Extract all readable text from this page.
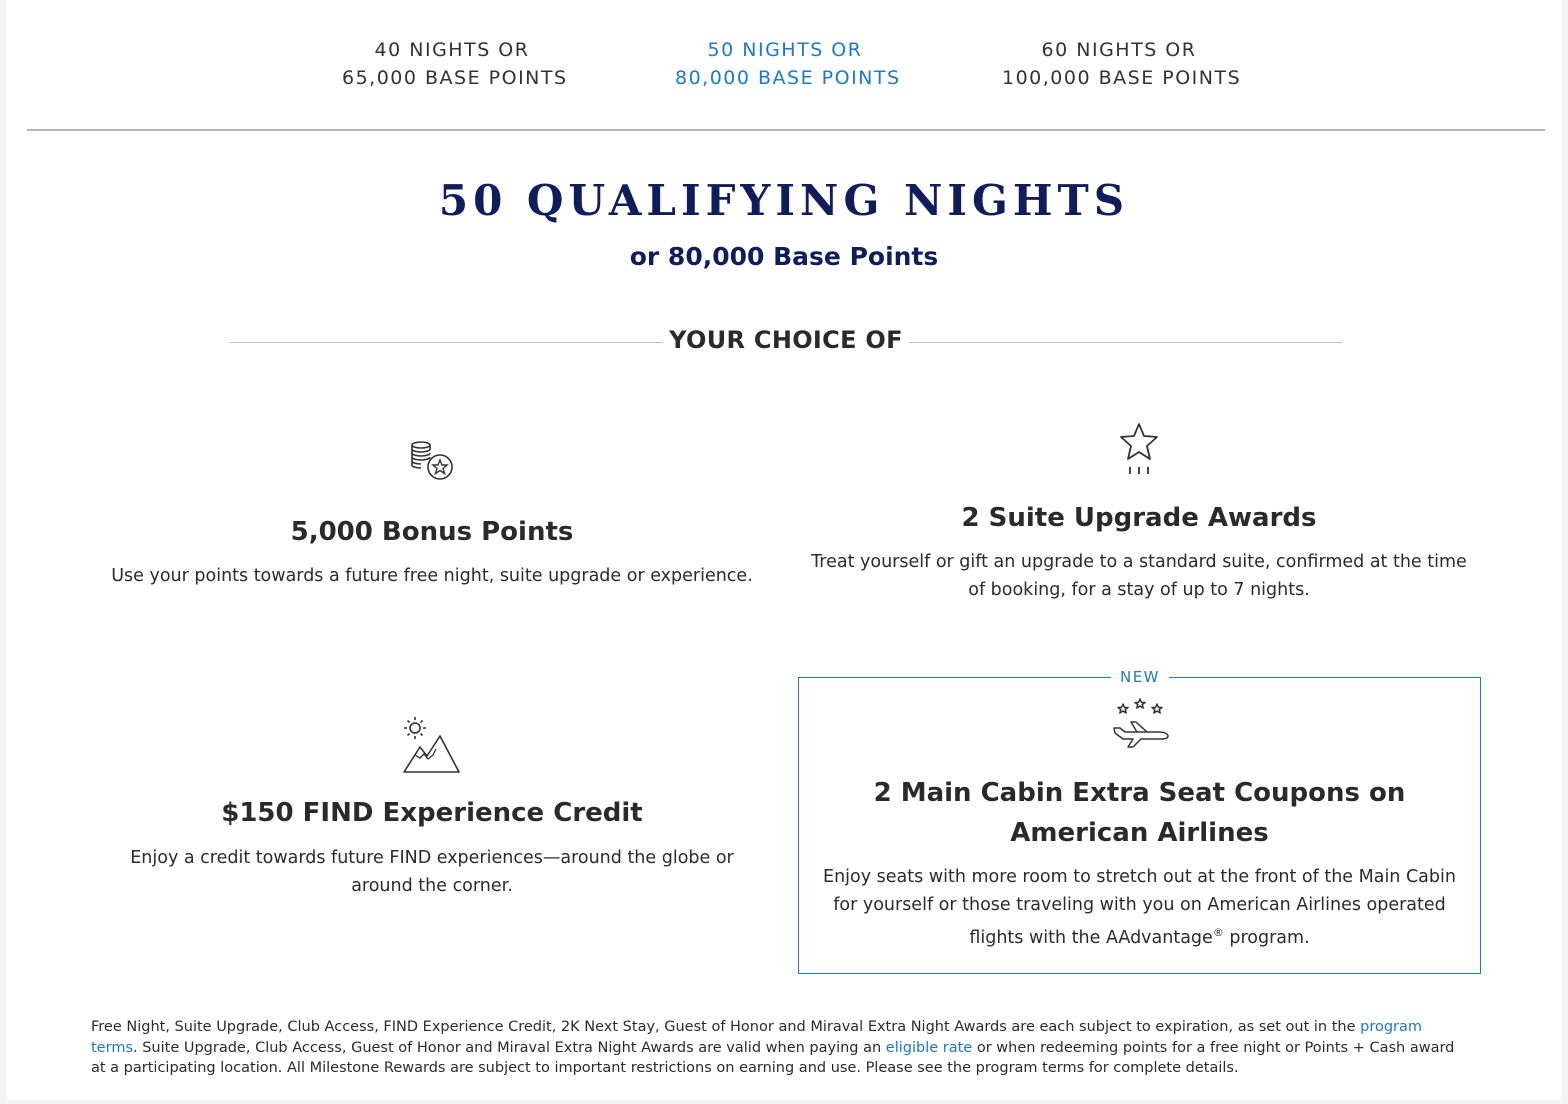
40 NIGHTS OR
65,000 BASE POINTS
50 NIGHTS OR
80,000 BASE POINTS
60 NIGHTS OR
100,000 BASE POINTS
50 QUALIFYING NIGHTS
or 80,000 Base Points
YOUR CHOICE OF
5,000 Bonus Points

Use your points towards a future free night, suite upgrade or experience.

2 Suite Upgrade Awards

Treat yourself or gift an upgrade to a standard suite, confirmed at the time of booking, for a stay of up to 7 nights.

$150 FIND Experience Credit

Enjoy a credit towards future FIND experiences—around the globe or around the corner.

NEW
2 Main Cabin Extra Seat Coupons on American Airlines

Enjoy seats with more room to stretch out at the front of the Main Cabin for yourself or those traveling with you on American Airlines operated flights with the AAdvantage® program.

Free Night, Suite Upgrade, Club Access, FIND Experience Credit, 2K Next Stay, Guest of Honor and Miraval Extra Night Awards are each subject to expiration, as set out in the program terms. Suite Upgrade, Club Access, Guest of Honor and Miraval Extra Night Awards are valid when paying an eligible rate or when redeeming points for a free night or Points + Cash award at a participating location. All Milestone Rewards are subject to important restrictions on earning and use. Please see the program terms for complete details.
